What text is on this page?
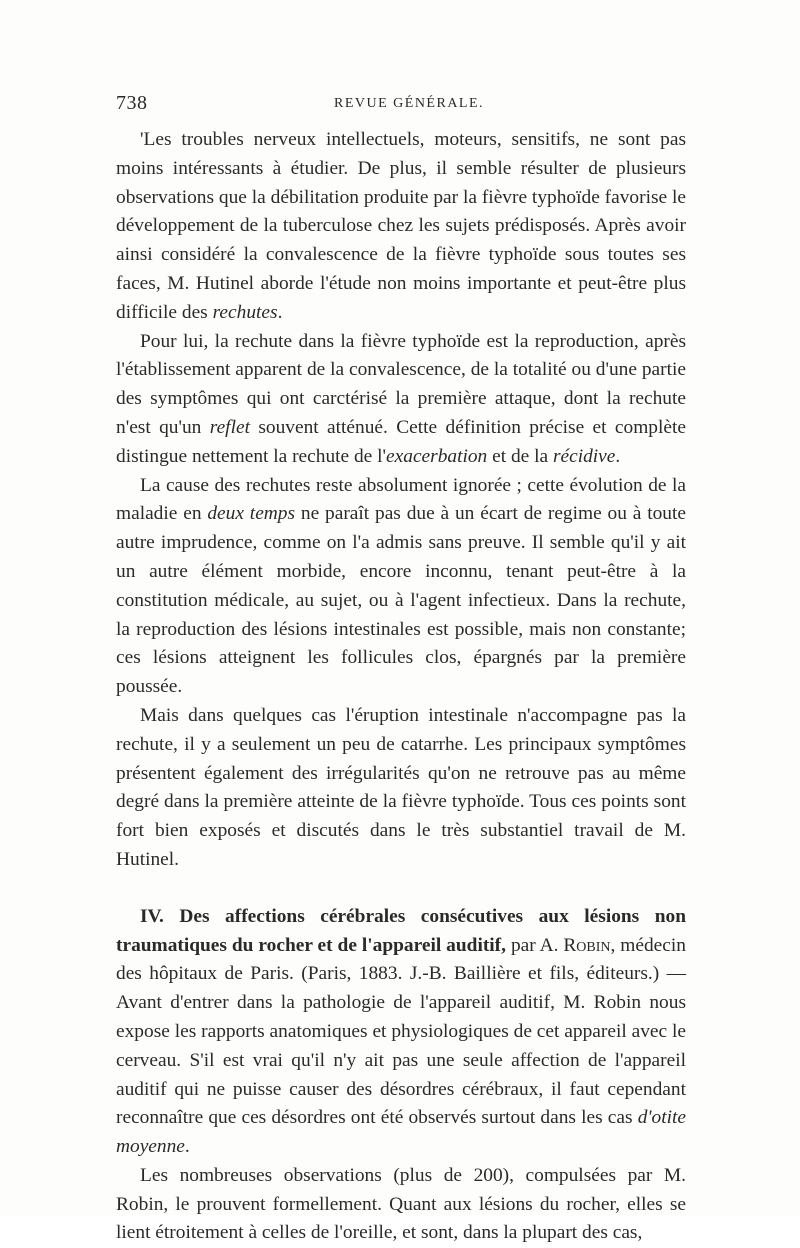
738	REVUE GÉNÉRALE.

'Les troubles nerveux intellectuels, moteurs, sensitifs, ne sont pas moins intéressants à étudier. De plus, il semble résulter de plusieurs observations que la débilitation produite par la fièvre typhoïde favorise le développement de la tuberculose chez les sujets prédisposés. Après avoir ainsi considéré la convalescence de la fièvre typhoïde sous toutes ses faces, M. Hutinel aborde l'étude non moins importante et peut-être plus difficile des rechutes.

Pour lui, la rechute dans la fièvre typhoïde est la reproduction, après l'établissement apparent de la convalescence, de la totalité ou d'une partie des symptômes qui ont carctérisé la première attaque, dont la rechute n'est qu'un reflet souvent atténué. Cette définition précise et complète distingue nettement la rechute de l'exacerbation et de la récidive.

La cause des rechutes reste absolument ignorée ; cette évolution de la maladie en deux temps ne paraît pas due à un écart de regime ou à toute autre imprudence, comme on l'a admis sans preuve. Il semble qu'il y ait un autre élément morbide, encore inconnu, tenant peut-être à la constitution médicale, au sujet, ou à l'agent infectieux. Dans la rechute, la reproduction des lésions intestinales est possible, mais non constante; ces lésions atteignent les follicules clos, épargnés par la première poussée.

Mais dans quelques cas l'éruption intestinale n'accompagne pas la rechute, il y a seulement un peu de catarrhe. Les principaux symptômes présentent également des irrégularités qu'on ne retrouve pas au même degré dans la première atteinte de la fièvre typhoïde. Tous ces points sont fort bien exposés et discutés dans le très substantiel travail de M. Hutinel.

IV. Des affections cérébrales consécutives aux lésions non traumatiques du rocher et de l'appareil auditif, par A. Robin, médecin des hôpitaux de Paris. (Paris, 1883. J.-B. Baillière et fils, éditeurs.) — Avant d'entrer dans la pathologie de l'appareil auditif, M. Robin nous expose les rapports anatomiques et physiologiques de cet appareil avec le cerveau. S'il est vrai qu'il n'y ait pas une seule affection de l'appareil auditif qui ne puisse causer des désordres cérébraux, il faut cependant reconnaître que ces désordres ont été observés surtout dans les cas d'otite moyenne.

Les nombreuses observations (plus de 200), compulsées par M. Robin, le prouvent formellement. Quant aux lésions du rocher, elles se lient étroitement à celles de l'oreille, et sont, dans la plupart des cas,
